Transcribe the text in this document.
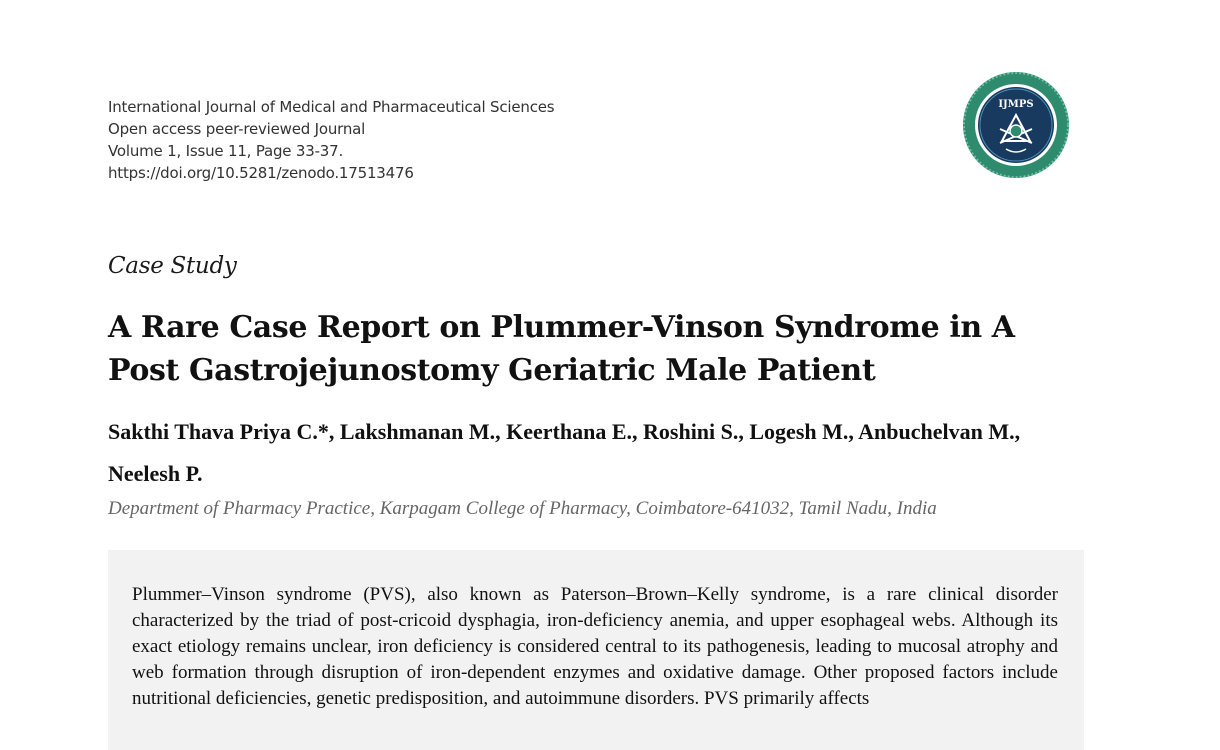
International Journal of Medical and Pharmaceutical Sciences
Open access peer-reviewed Journal
Volume 1, Issue 11, Page 33-37.
https://doi.org/10.5281/zenodo.17513476
IJMPS
Case Study
A Rare Case Report on Plummer-Vinson Syndrome in A Post Gastrojejunostomy Geriatric Male Patient
Sakthi Thava Priya C.*, Lakshmanan M., Keerthana E., Roshini S., Logesh M., Anbuchelvan M., Neelesh P.
Department of Pharmacy Practice, Karpagam College of Pharmacy, Coimbatore-641032, Tamil Nadu, India

Plummer–Vinson syndrome (PVS), also known as Paterson–Brown–Kelly syndrome, is a rare clinical disorder characterized by the triad of post-cricoid dysphagia, iron-deficiency anemia, and upper esophageal webs. Although its exact etiology remains unclear, iron deficiency is considered central to its pathogenesis, leading to mucosal atrophy and web formation through disruption of iron-dependent enzymes and oxidative damage. Other proposed factors include nutritional deficiencies, genetic predisposition, and autoimmune disorders. PVS primarily affects
